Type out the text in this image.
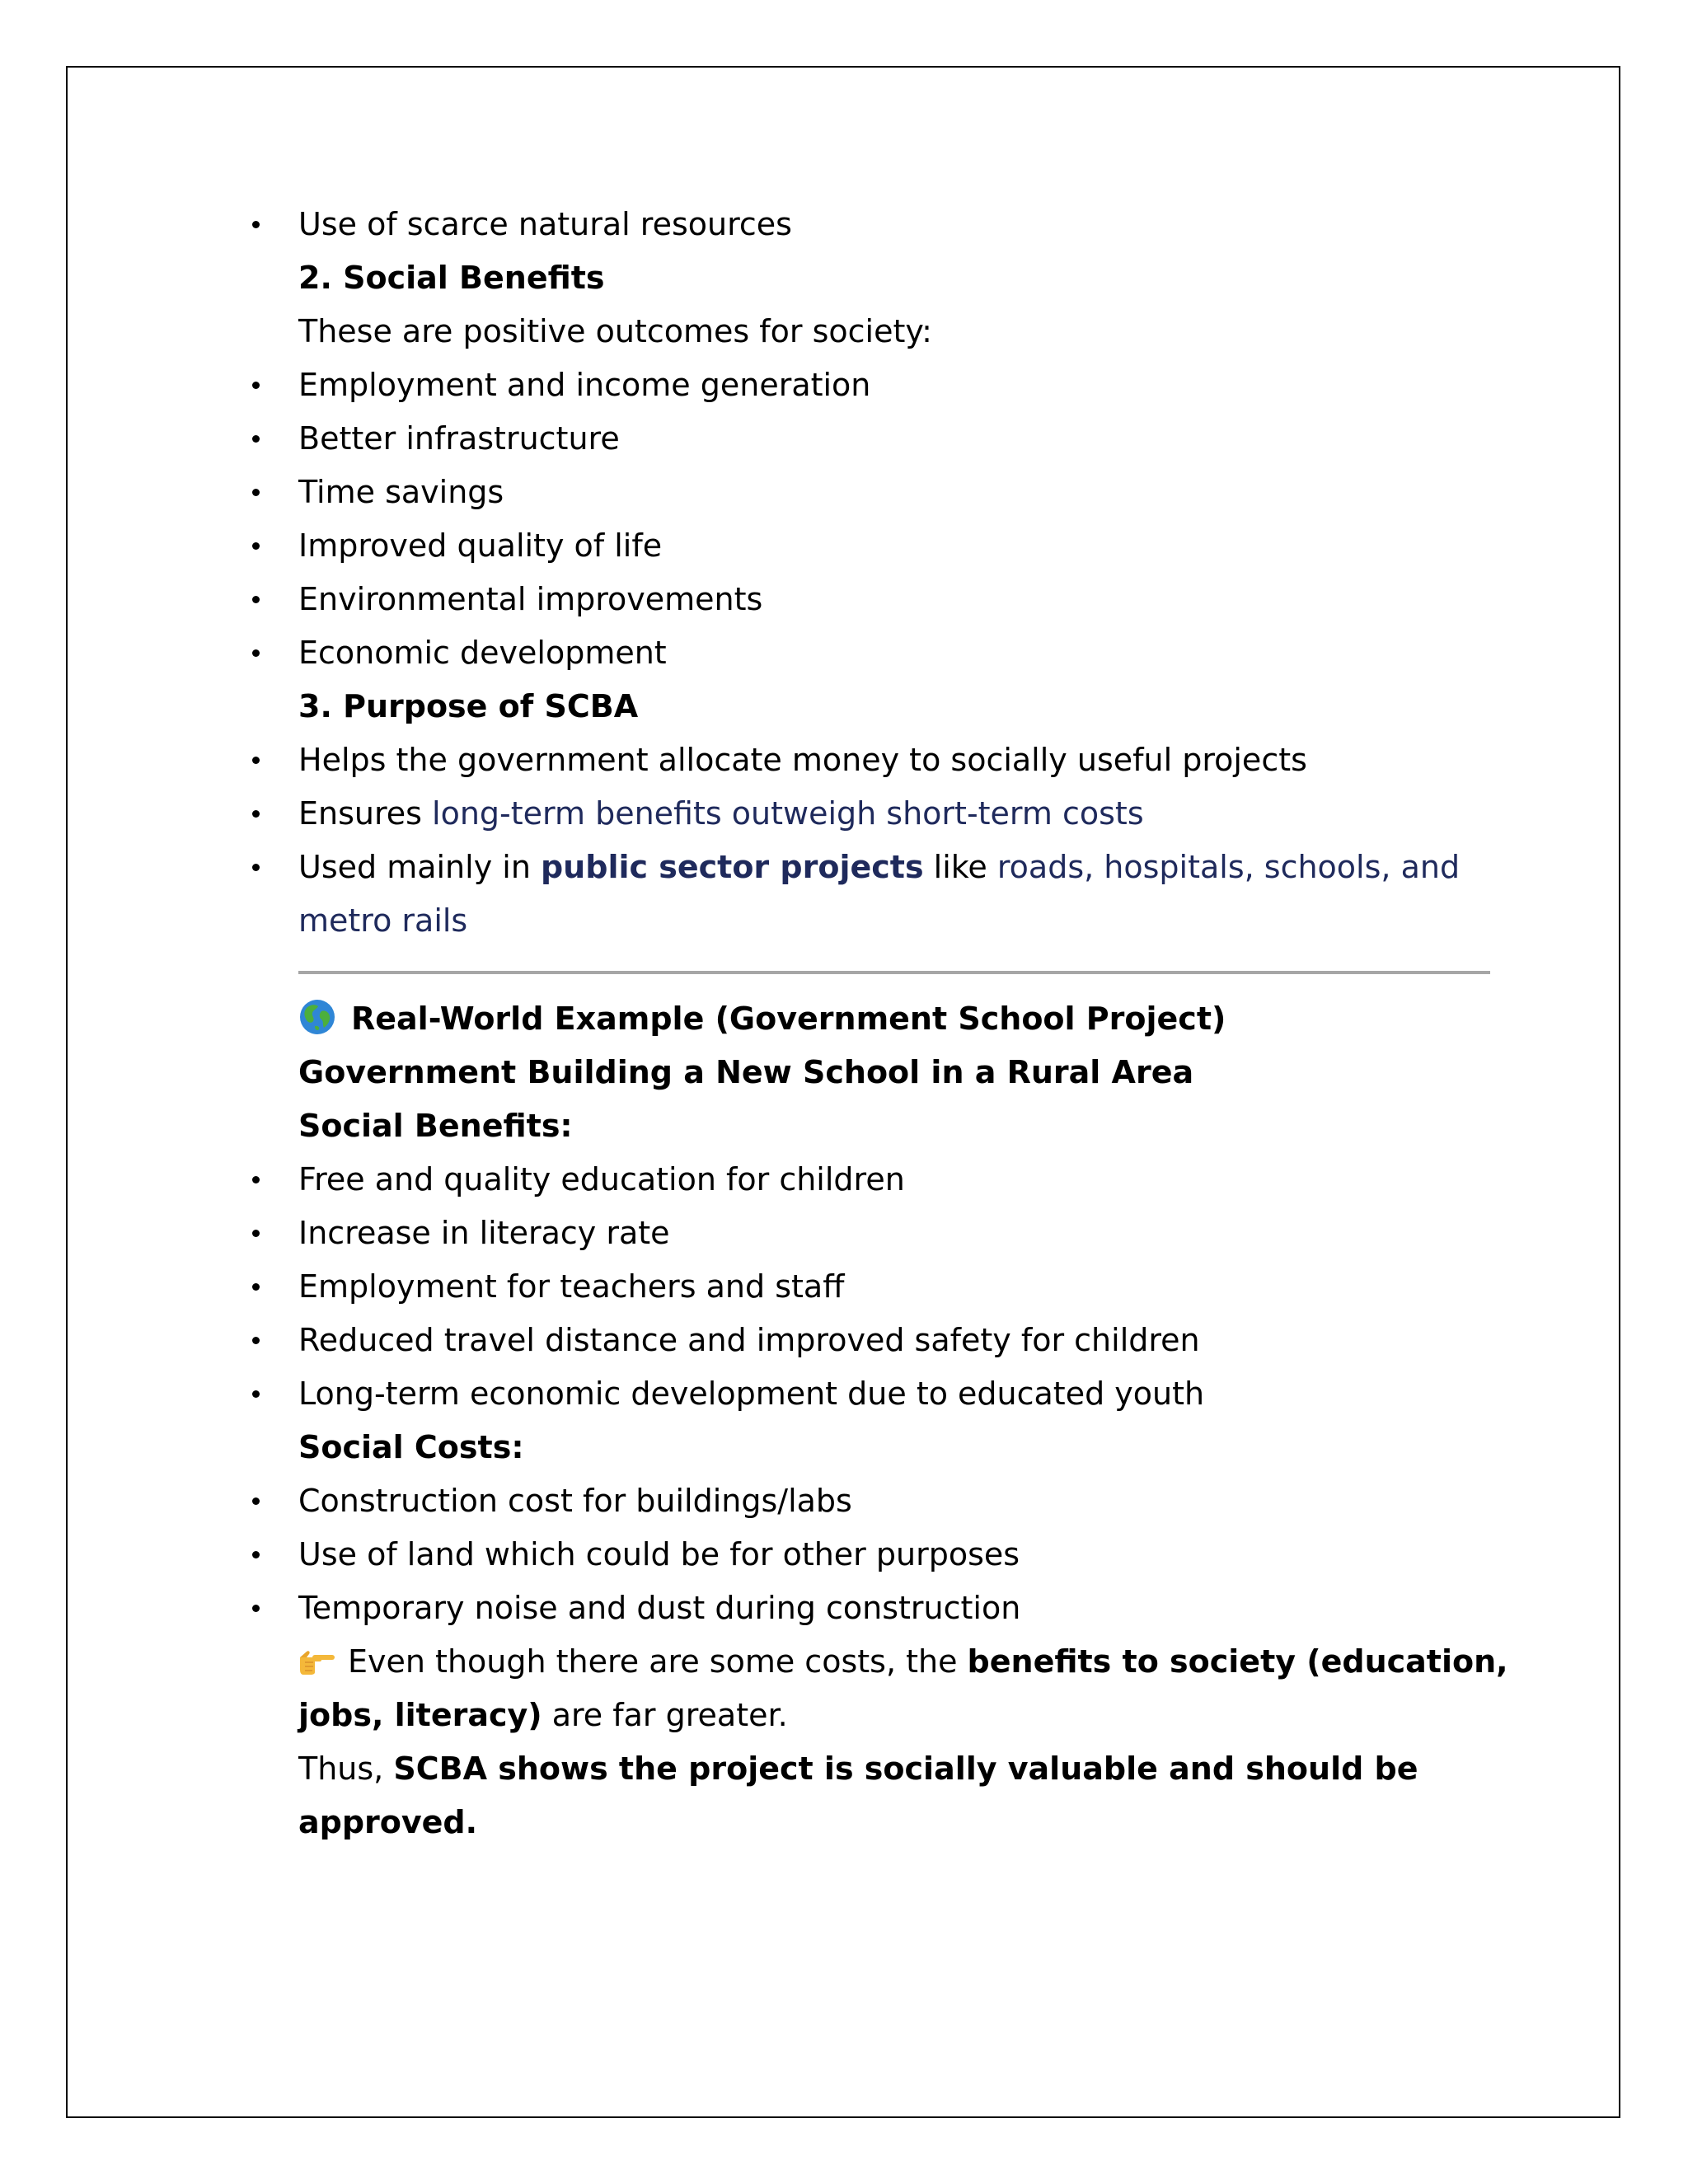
Use of scarce natural resources
2. Social Benefits
These are positive outcomes for society:
Employment and income generation
Better infrastructure
Time savings
Improved quality of life
Environmental improvements
Economic development
3. Purpose of SCBA
Helps the government allocate money to socially useful projects
Ensures long-term benefits outweigh short-term costs
Used mainly in public sector projects like roads, hospitals, schools, and
metro rails
Real-World Example (Government School Project)
Government Building a New School in a Rural Area
Social Benefits:
Free and quality education for children
Increase in literacy rate
Employment for teachers and staff
Reduced travel distance and improved safety for children
Long-term economic development due to educated youth
Social Costs:
Construction cost for buildings/labs
Use of land which could be for other purposes
Temporary noise and dust during construction
Even though there are some costs, the benefits to society (education,
jobs, literacy) are far greater.
Thus, SCBA shows the project is socially valuable and should be
approved.
